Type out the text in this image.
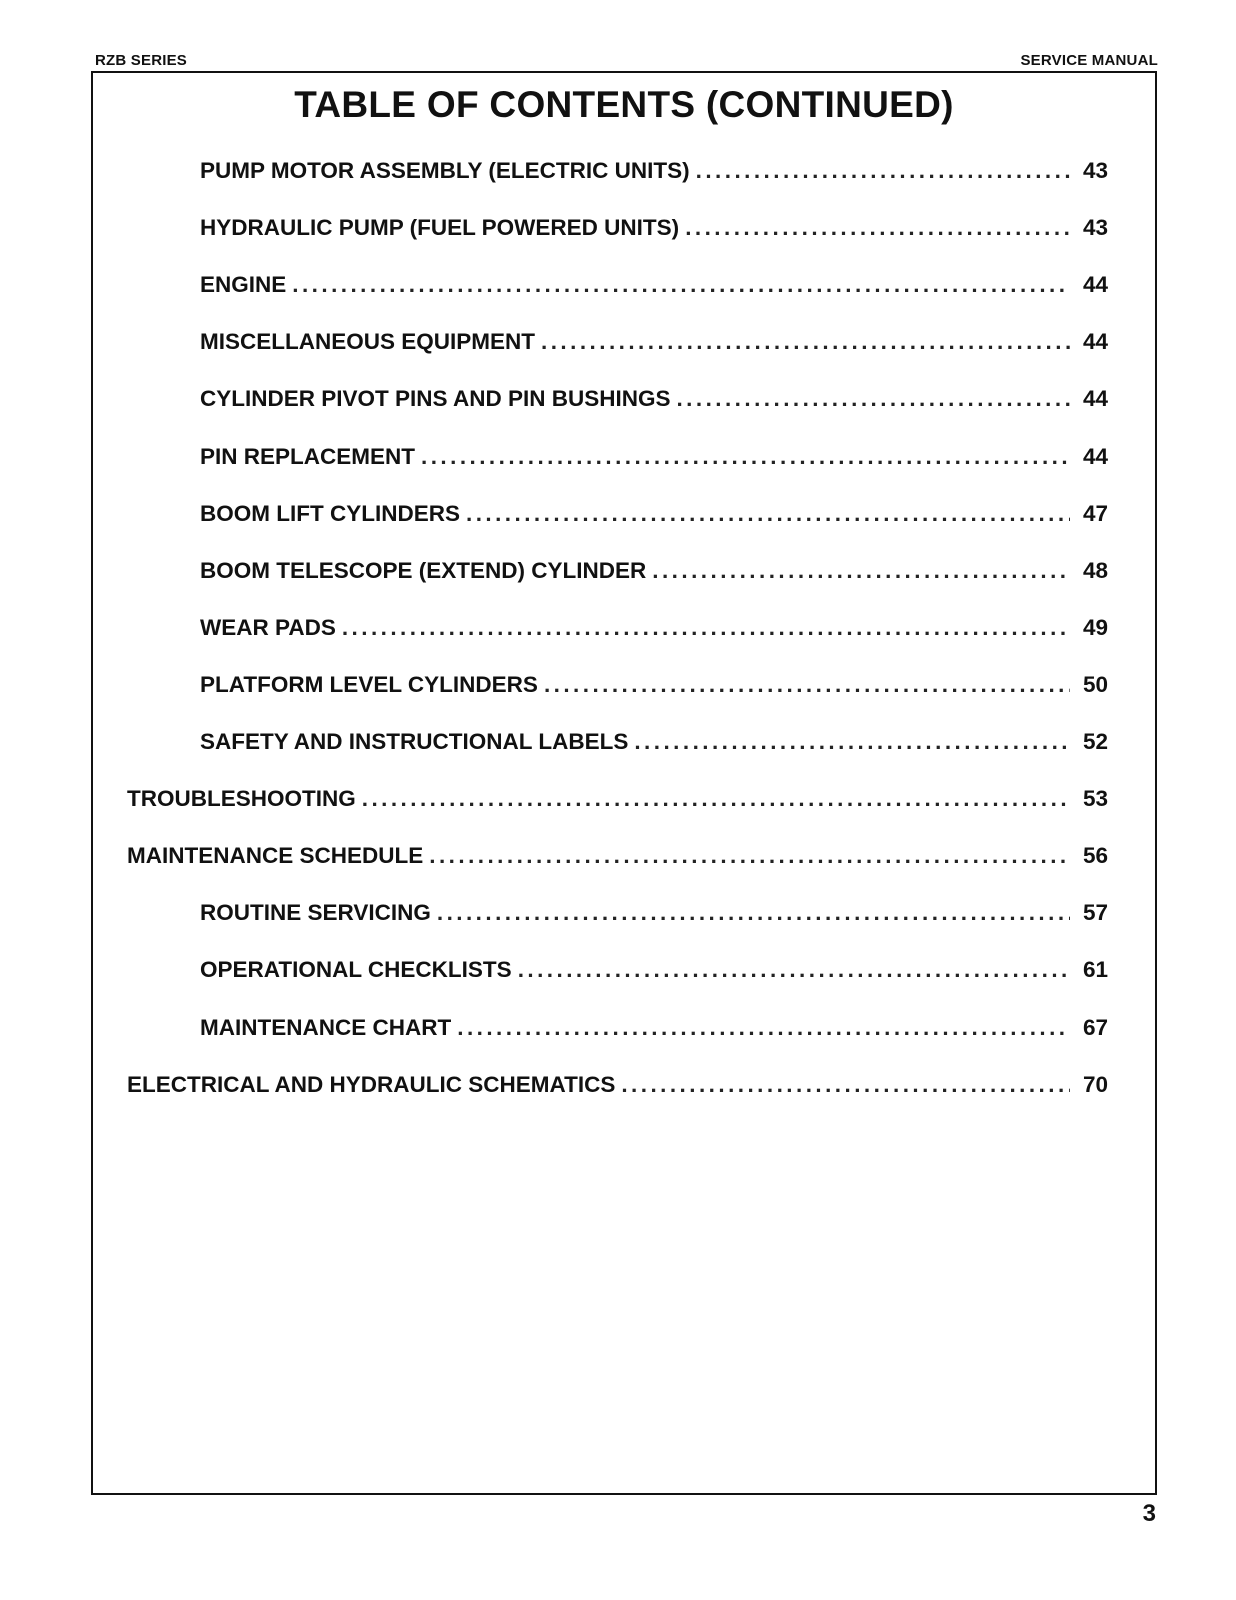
RZB SERIES	SERVICE MANUAL
TABLE OF CONTENTS (CONTINUED)
PUMP MOTOR ASSEMBLY (ELECTRIC UNITS) . . .	43
HYDRAULIC PUMP (FUEL POWERED UNITS) . . .	43
ENGINE . . .	44
MISCELLANEOUS EQUIPMENT . . .	44
CYLINDER PIVOT PINS AND PIN BUSHINGS . . .	44
PIN REPLACEMENT . . .	44
BOOM LIFT CYLINDERS . . .	47
BOOM TELESCOPE (EXTEND) CYLINDER . . .	48
WEAR PADS . . .	49
PLATFORM LEVEL CYLINDERS . . .	50
SAFETY AND INSTRUCTIONAL LABELS . . .	52
TROUBLESHOOTING . . .	53
MAINTENANCE SCHEDULE . . .	56
ROUTINE SERVICING . . .	57
OPERATIONAL CHECKLISTS . . .	61
MAINTENANCE CHART . . .	67
ELECTRICAL AND HYDRAULIC SCHEMATICS . . .	70
3
